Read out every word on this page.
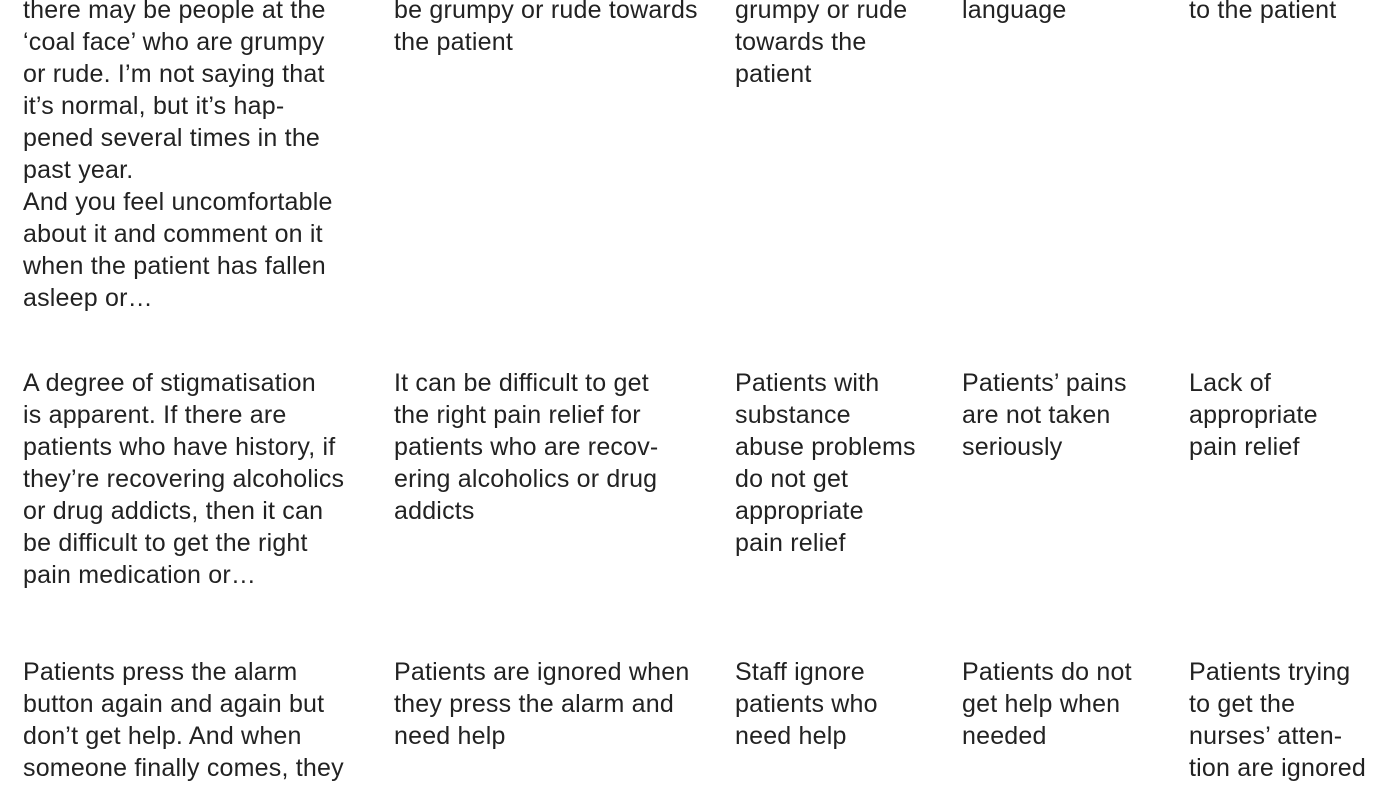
there may be people at the
‘coal face’ who are grumpy
or rude. I’m not saying that
it’s normal, but it’s hap-
pened several times in the
past year.
And you feel uncomfortable
about it and comment on it
when the patient has fallen
asleep or…
be grumpy or rude towards
the patient
grumpy or rude
towards the
patient
language	to the patient
A degree of stigmatisation
is apparent. If there are
patients who have history, if
they’re recovering alcoholics
or drug addicts, then it can
be difficult to get the right
pain medication or…
It can be difficult to get
the right pain relief for
patients who are recov-
ering alcoholics or drug
addicts
Patients with
substance
abuse problems
do not get
appropriate
pain relief
Patients’ pains
are not taken
seriously
Lack of
appropriate
pain relief
Patients press the alarm
button again and again but
don’t get help. And when
someone finally comes, they
Patients are ignored when
they press the alarm and
need help
Staff ignore
patients who
need help
Patients do not
get help when
needed
Patients trying
to get the
nurses’ atten-
tion are ignored
